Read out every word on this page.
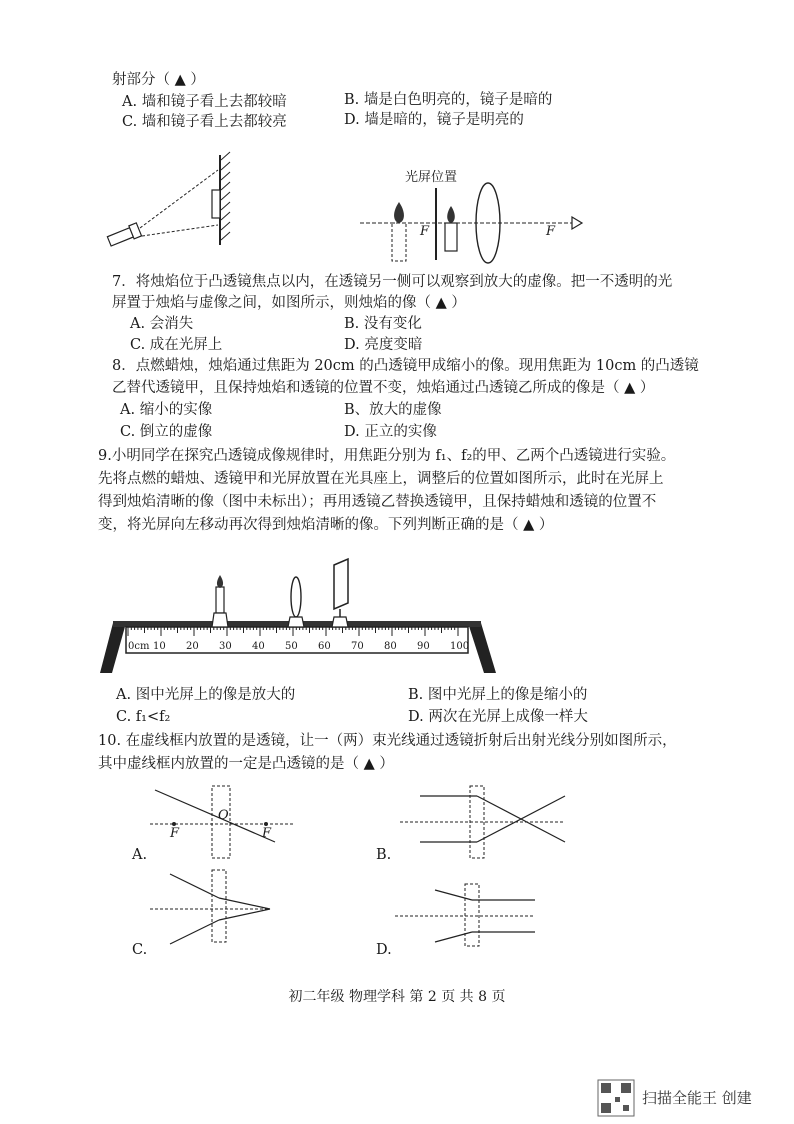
射部分（ ▲ ）
A. 墙和镜子看上去都较暗	B. 墙是白色明亮的，镜子是暗的
C. 墙和镜子看上去都较亮	D. 墙是暗的，镜子是明亮的
光屏位置
F	F
7．将烛焰位于凸透镜焦点以内，在透镜另一侧可以观察到放大的虚像。把一不透明的光
屏置于烛焰与虚像之间，如图所示，则烛焰的像（ ▲ ）
A. 会消失	B. 没有变化
C. 成在光屏上	D. 亮度变暗
8．点燃蜡烛，烛焰通过焦距为 20cm 的凸透镜甲成缩小的像。现用焦距为 10cm 的凸透镜
乙替代透镜甲，且保持烛焰和透镜的位置不变，烛焰通过凸透镜乙所成的像是（ ▲ ）
A. 缩小的实像	B、放大的虚像
C. 倒立的虚像	D. 正立的实像
9.小明同学在探究凸透镜成像规律时，用焦距分别为 f₁、f₂的甲、乙两个凸透镜进行实验。
先将点燃的蜡烛、透镜甲和光屏放置在光具座上，调整后的位置如图所示，此时在光屏上
得到烛焰清晰的像（图中未标出）；再用透镜乙替换透镜甲，且保持蜡烛和透镜的位置不
变，将光屏向左移动再次得到烛焰清晰的像。下列判断正确的是（ ▲ ）
0cm 10 20 30 40 50 60 70 80 90 100
A. 图中光屏上的像是放大的	B. 图中光屏上的像是缩小的
C. f₁<f₂	D. 两次在光屏上成像一样大
10. 在虚线框内放置的是透镜，让一（两）束光线通过透镜折射后出射光线分别如图所示，
其中虚线框内放置的一定是凸透镜的是（ ▲ ）
F	F
O
A.	B.
C.	D.
初二年级 物理学科 第 2 页 共 8 页
扫描全能王 创建
